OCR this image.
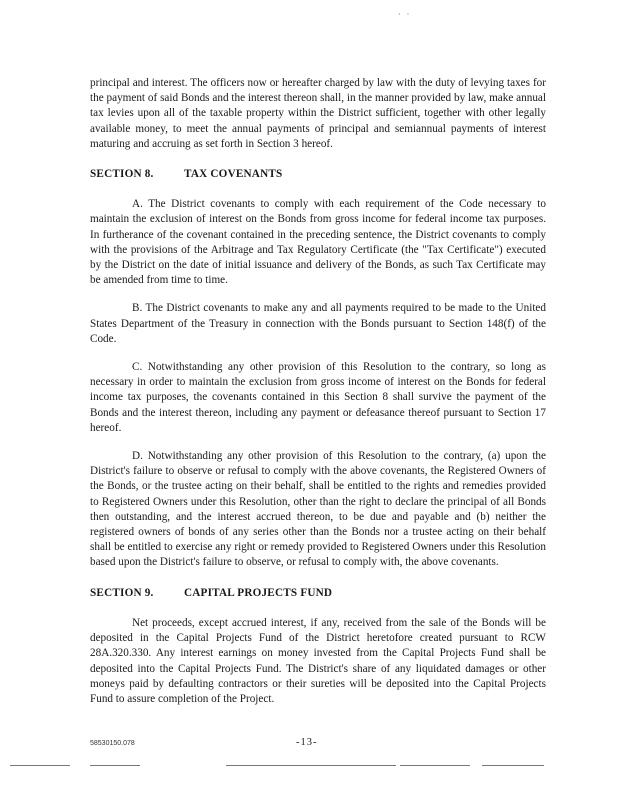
· ·

principal and interest. The officers now or hereafter charged by law with the duty of levying taxes for the payment of said Bonds and the interest thereon shall, in the manner provided by law, make annual tax levies upon all of the taxable property within the District sufficient, together with other legally available money, to meet the annual payments of principal and semiannual payments of interest maturing and accruing as set forth in Section 3 hereof.

SECTION 8.	TAX COVENANTS

A. The District covenants to comply with each requirement of the Code necessary to maintain the exclusion of interest on the Bonds from gross income for federal income tax purposes. In furtherance of the covenant contained in the preceding sentence, the District covenants to comply with the provisions of the Arbitrage and Tax Regulatory Certificate (the "Tax Certificate") executed by the District on the date of initial issuance and delivery of the Bonds, as such Tax Certificate may be amended from time to time.

B. The District covenants to make any and all payments required to be made to the United States Department of the Treasury in connection with the Bonds pursuant to Section 148(f) of the Code.

C. Notwithstanding any other provision of this Resolution to the contrary, so long as necessary in order to maintain the exclusion from gross income of interest on the Bonds for federal income tax purposes, the covenants contained in this Section 8 shall survive the payment of the Bonds and the interest thereon, including any payment or defeasance thereof pursuant to Section 17 hereof.

D. Notwithstanding any other provision of this Resolution to the contrary, (a) upon the District's failure to observe or refusal to comply with the above covenants, the Registered Owners of the Bonds, or the trustee acting on their behalf, shall be entitled to the rights and remedies provided to Registered Owners under this Resolution, other than the right to declare the principal of all Bonds then outstanding, and the interest accrued thereon, to be due and payable and (b) neither the registered owners of bonds of any series other than the Bonds nor a trustee acting on their behalf shall be entitled to exercise any right or remedy provided to Registered Owners under this Resolution based upon the District's failure to observe, or refusal to comply with, the above covenants.

SECTION 9.	CAPITAL PROJECTS FUND

Net proceeds, except accrued interest, if any, received from the sale of the Bonds will be deposited in the Capital Projects Fund of the District heretofore created pursuant to RCW 28A.320.330. Any interest earnings on money invested from the Capital Projects Fund shall be deposited into the Capital Projects Fund. The District's share of any liquidated damages or other moneys paid by defaulting contractors or their sureties will be deposited into the Capital Projects Fund to assure completion of the Project.

58530150.078	-13-
